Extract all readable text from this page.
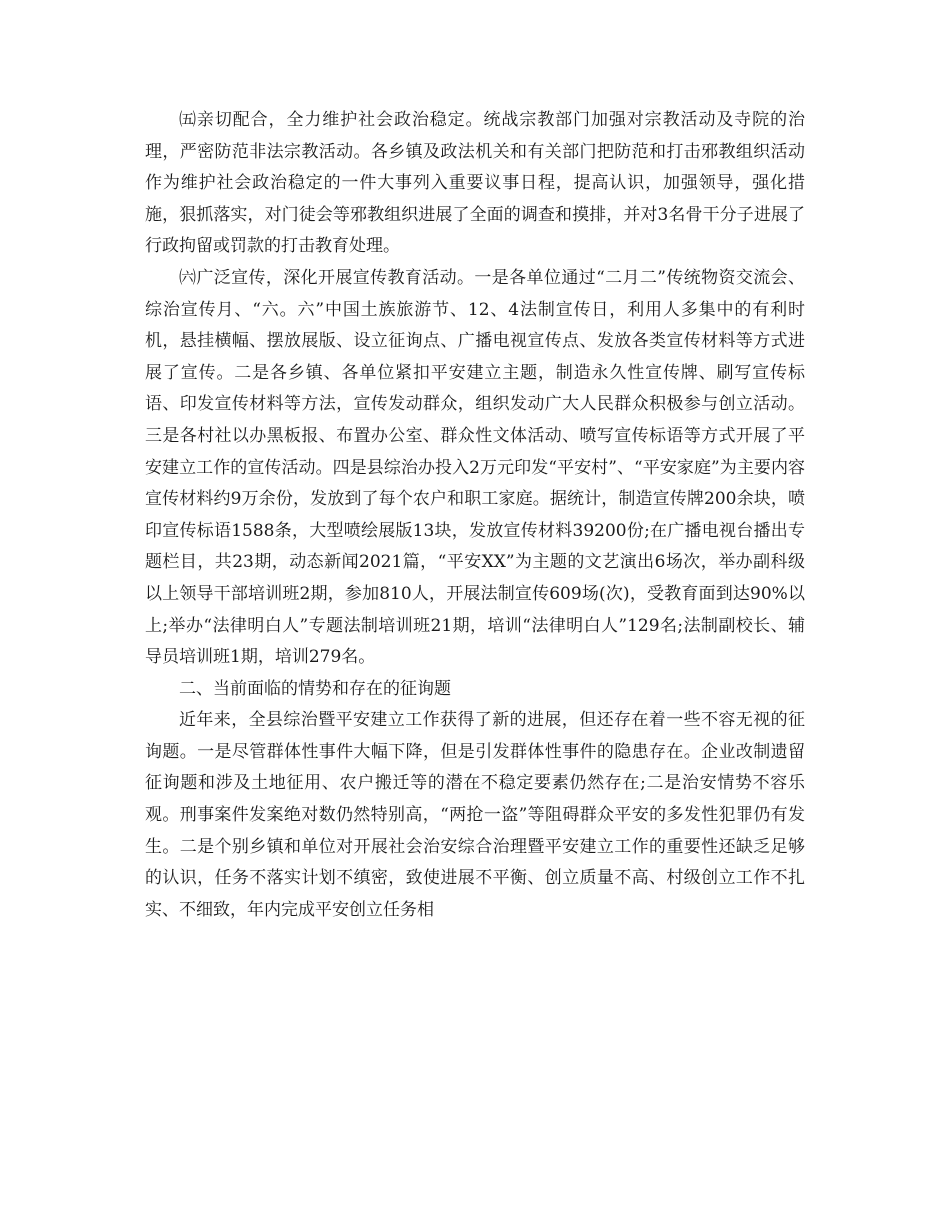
㈤亲切配合，全力维护社会政治稳定。统战宗教部门加强对宗教活动及寺院的治理，严密防范非法宗教活动。各乡镇及政法机关和有关部门把防范和打击邪教组织活动作为维护社会政治稳定的一件大事列入重要议事日程，提高认识，加强领导，强化措施，狠抓落实，对门徒会等邪教组织进展了全面的调查和摸排，并对3名骨干分子进展了行政拘留或罚款的打击教育处理。

㈥广泛宣传，深化开展宣传教育活动。一是各单位通过“二月二”传统物资交流会、综治宣传月、“六。六”中国土族旅游节、12、4法制宣传日，利用人多集中的有利时机，悬挂横幅、摆放展版、设立征询点、广播电视宣传点、发放各类宣传材料等方式进展了宣传。二是各乡镇、各单位紧扣平安建立主题，制造永久性宣传牌、刷写宣传标语、印发宣传材料等方法，宣传发动群众，组织发动广大人民群众积极参与创立活动。三是各村社以办黑板报、布置办公室、群众性文体活动、喷写宣传标语等方式开展了平安建立工作的宣传活动。四是县综治办投入2万元印发“平安村”、“平安家庭”为主要内容宣传材料约9万余份，发放到了每个农户和职工家庭。据统计，制造宣传牌200余块，喷印宣传标语1588条，大型喷绘展版13块，发放宣传材料39200份;在广播电视台播出专题栏目，共23期，动态新闻2021篇，“平安XX”为主题的文艺演出6场次，举办副科级以上领导干部培训班2期，参加810人，开展法制宣传609场(次)，受教育面到达90%以上;举办“法律明白人”专题法制培训班21期，培训“法律明白人”129名;法制副校长、辅导员培训班1期，培训279名。

二、当前面临的情势和存在的征询题

近年来，全县综治暨平安建立工作获得了新的进展，但还存在着一些不容无视的征询题。一是尽管群体性事件大幅下降，但是引发群体性事件的隐患存在。企业改制遗留征询题和涉及土地征用、农户搬迁等的潜在不稳定要素仍然存在;二是治安情势不容乐观。刑事案件发案绝对数仍然特别高，“两抢一盗”等阻碍群众平安的多发性犯罪仍有发生。二是个别乡镇和单位对开展社会治安综合治理暨平安建立工作的重要性还缺乏足够的认识，任务不落实计划不缜密，致使进展不平衡、创立质量不高、村级创立工作不扎实、不细致，年内完成平安创立任务相
